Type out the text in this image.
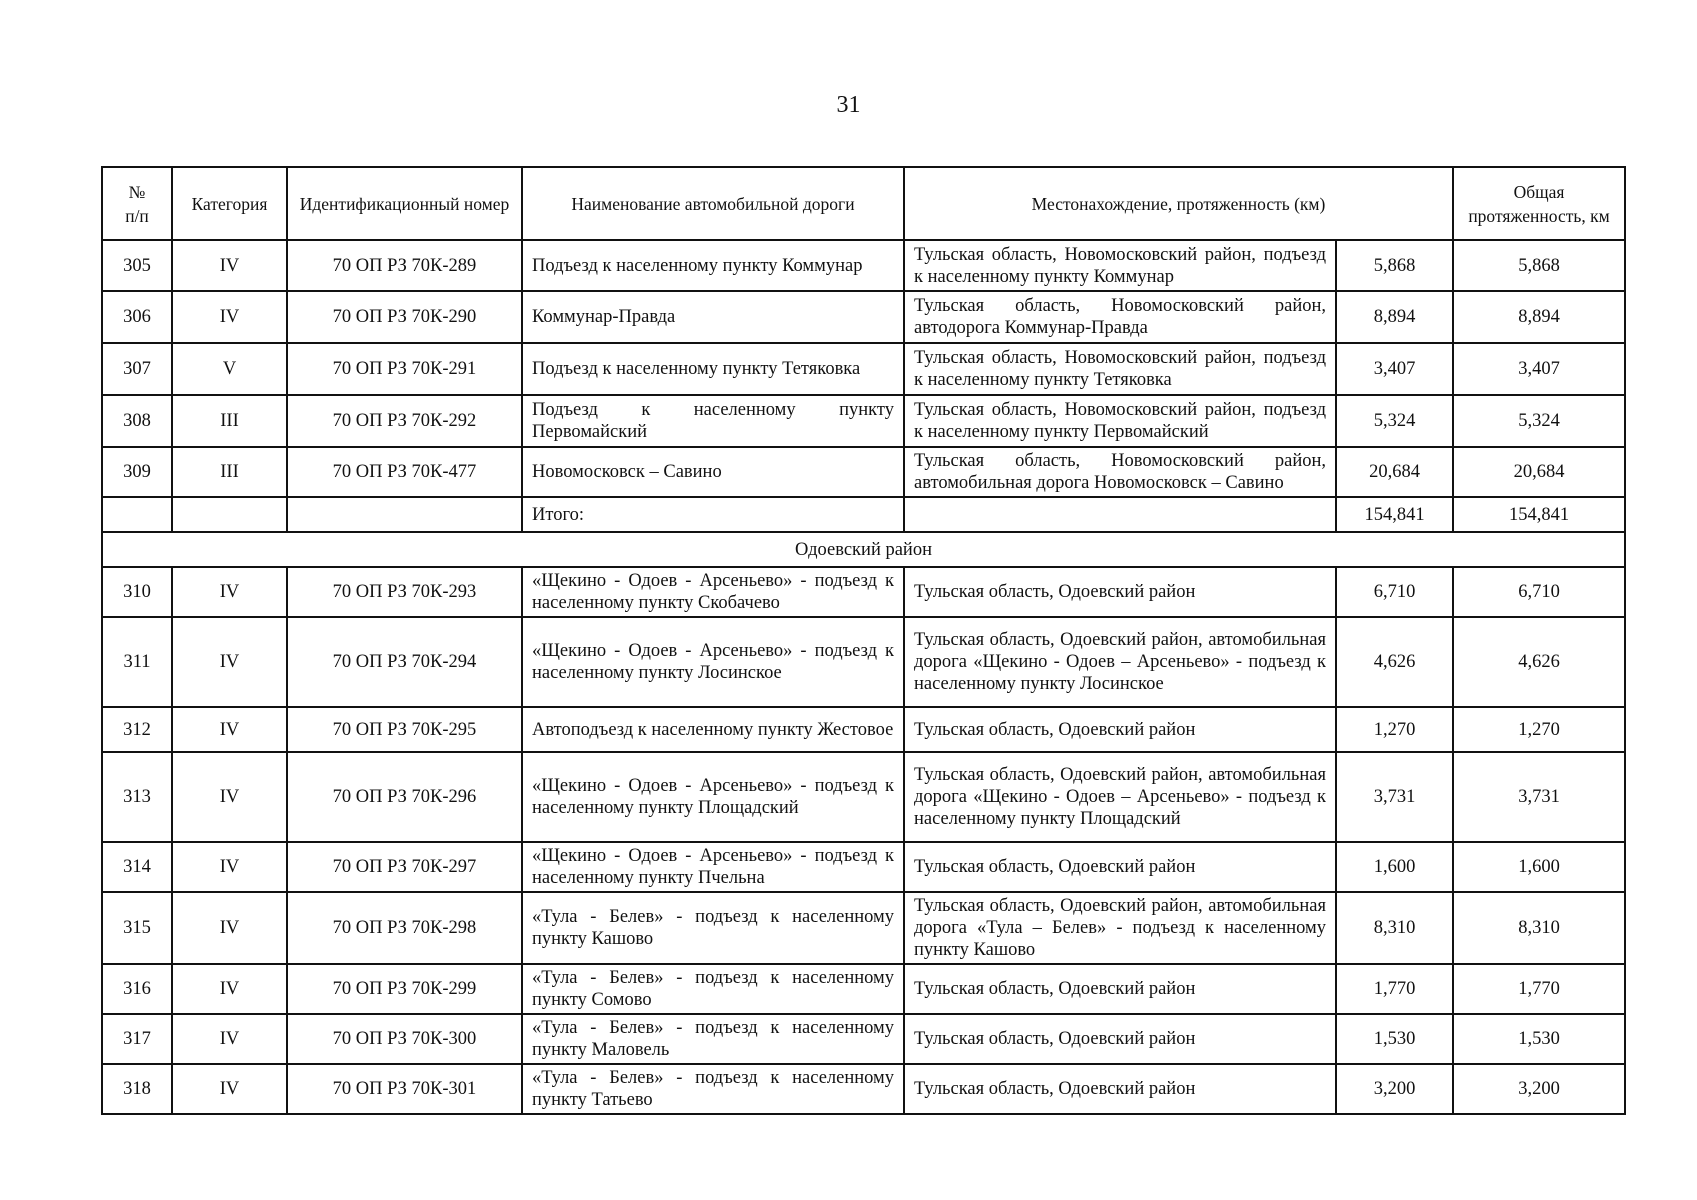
31
№
п/п	Категория	Идентификационный номер	Наименование автомобильной дороги	Местонахождение, протяженность (км)		Общая протяженность, км
305	IV	70 ОП РЗ 70К-289	Подъезд к населенному пункту Коммунар	Тульская область, Новомосковский район, подъезд к населенному пункту Коммунар	5,868	5,868
306	IV	70 ОП РЗ 70К-290	Коммунар-Правда	Тульская область, Новомосковский район, автодорога Коммунар-Правда	8,894	8,894
307	V	70 ОП РЗ 70К-291	Подъезд к населенному пункту Тетяковка	Тульская область, Новомосковский район, подъезд к населенному пункту Тетяковка	3,407	3,407
308	III	70 ОП РЗ 70К-292	Подъезд к населенному пункту Первомайский	Тульская область, Новомосковский район, подъезд к населенному пункту Первомайский	5,324	5,324
309	III	70 ОП РЗ 70К-477	Новомосковск – Савино	Тульская область, Новомосковский район, автомобильная дорога Новомосковск – Савино	20,684	20,684
			Итого:		154,841	154,841
Одоевский район						
310	IV	70 ОП РЗ 70К-293	«Щекино - Одоев - Арсеньево» - подъезд к населенному пункту Скобачево	Тульская область, Одоевский район	6,710	6,710
311	IV	70 ОП РЗ 70К-294	«Щекино - Одоев - Арсеньево» - подъезд к населенному пункту Лосинское	Тульская область, Одоевский район, автомобильная дорога «Щекино - Одоев – Арсеньево» - подъезд к населенному пункту Лосинское	4,626	4,626
312	IV	70 ОП РЗ 70К-295	Автоподъезд к населенному пункту Жестовое	Тульская область, Одоевский район	1,270	1,270
313	IV	70 ОП РЗ 70К-296	«Щекино - Одоев - Арсеньево» - подъезд к населенному пункту Площадский	Тульская область, Одоевский район, автомобильная дорога «Щекино - Одоев – Арсеньево» - подъезд к населенному пункту Площадский	3,731	3,731
314	IV	70 ОП РЗ 70К-297	«Щекино - Одоев - Арсеньево» - подъезд к населенному пункту Пчельна	Тульская область, Одоевский район	1,600	1,600
315	IV	70 ОП РЗ 70К-298	«Тула - Белев» - подъезд к населенному пункту Кашово	Тульская область, Одоевский район, автомобильная дорога «Тула – Белев» - подъезд к населенному пункту Кашово	8,310	8,310
316	IV	70 ОП РЗ 70К-299	«Тула - Белев» - подъезд к населенному пункту Сомово	Тульская область, Одоевский район	1,770	1,770
317	IV	70 ОП РЗ 70К-300	«Тула - Белев» - подъезд к населенному пункту Маловель	Тульская область, Одоевский район	1,530	1,530
318	IV	70 ОП РЗ 70К-301	«Тула - Белев» - подъезд к населенному пункту Татьево	Тульская область, Одоевский район	3,200	3,200
